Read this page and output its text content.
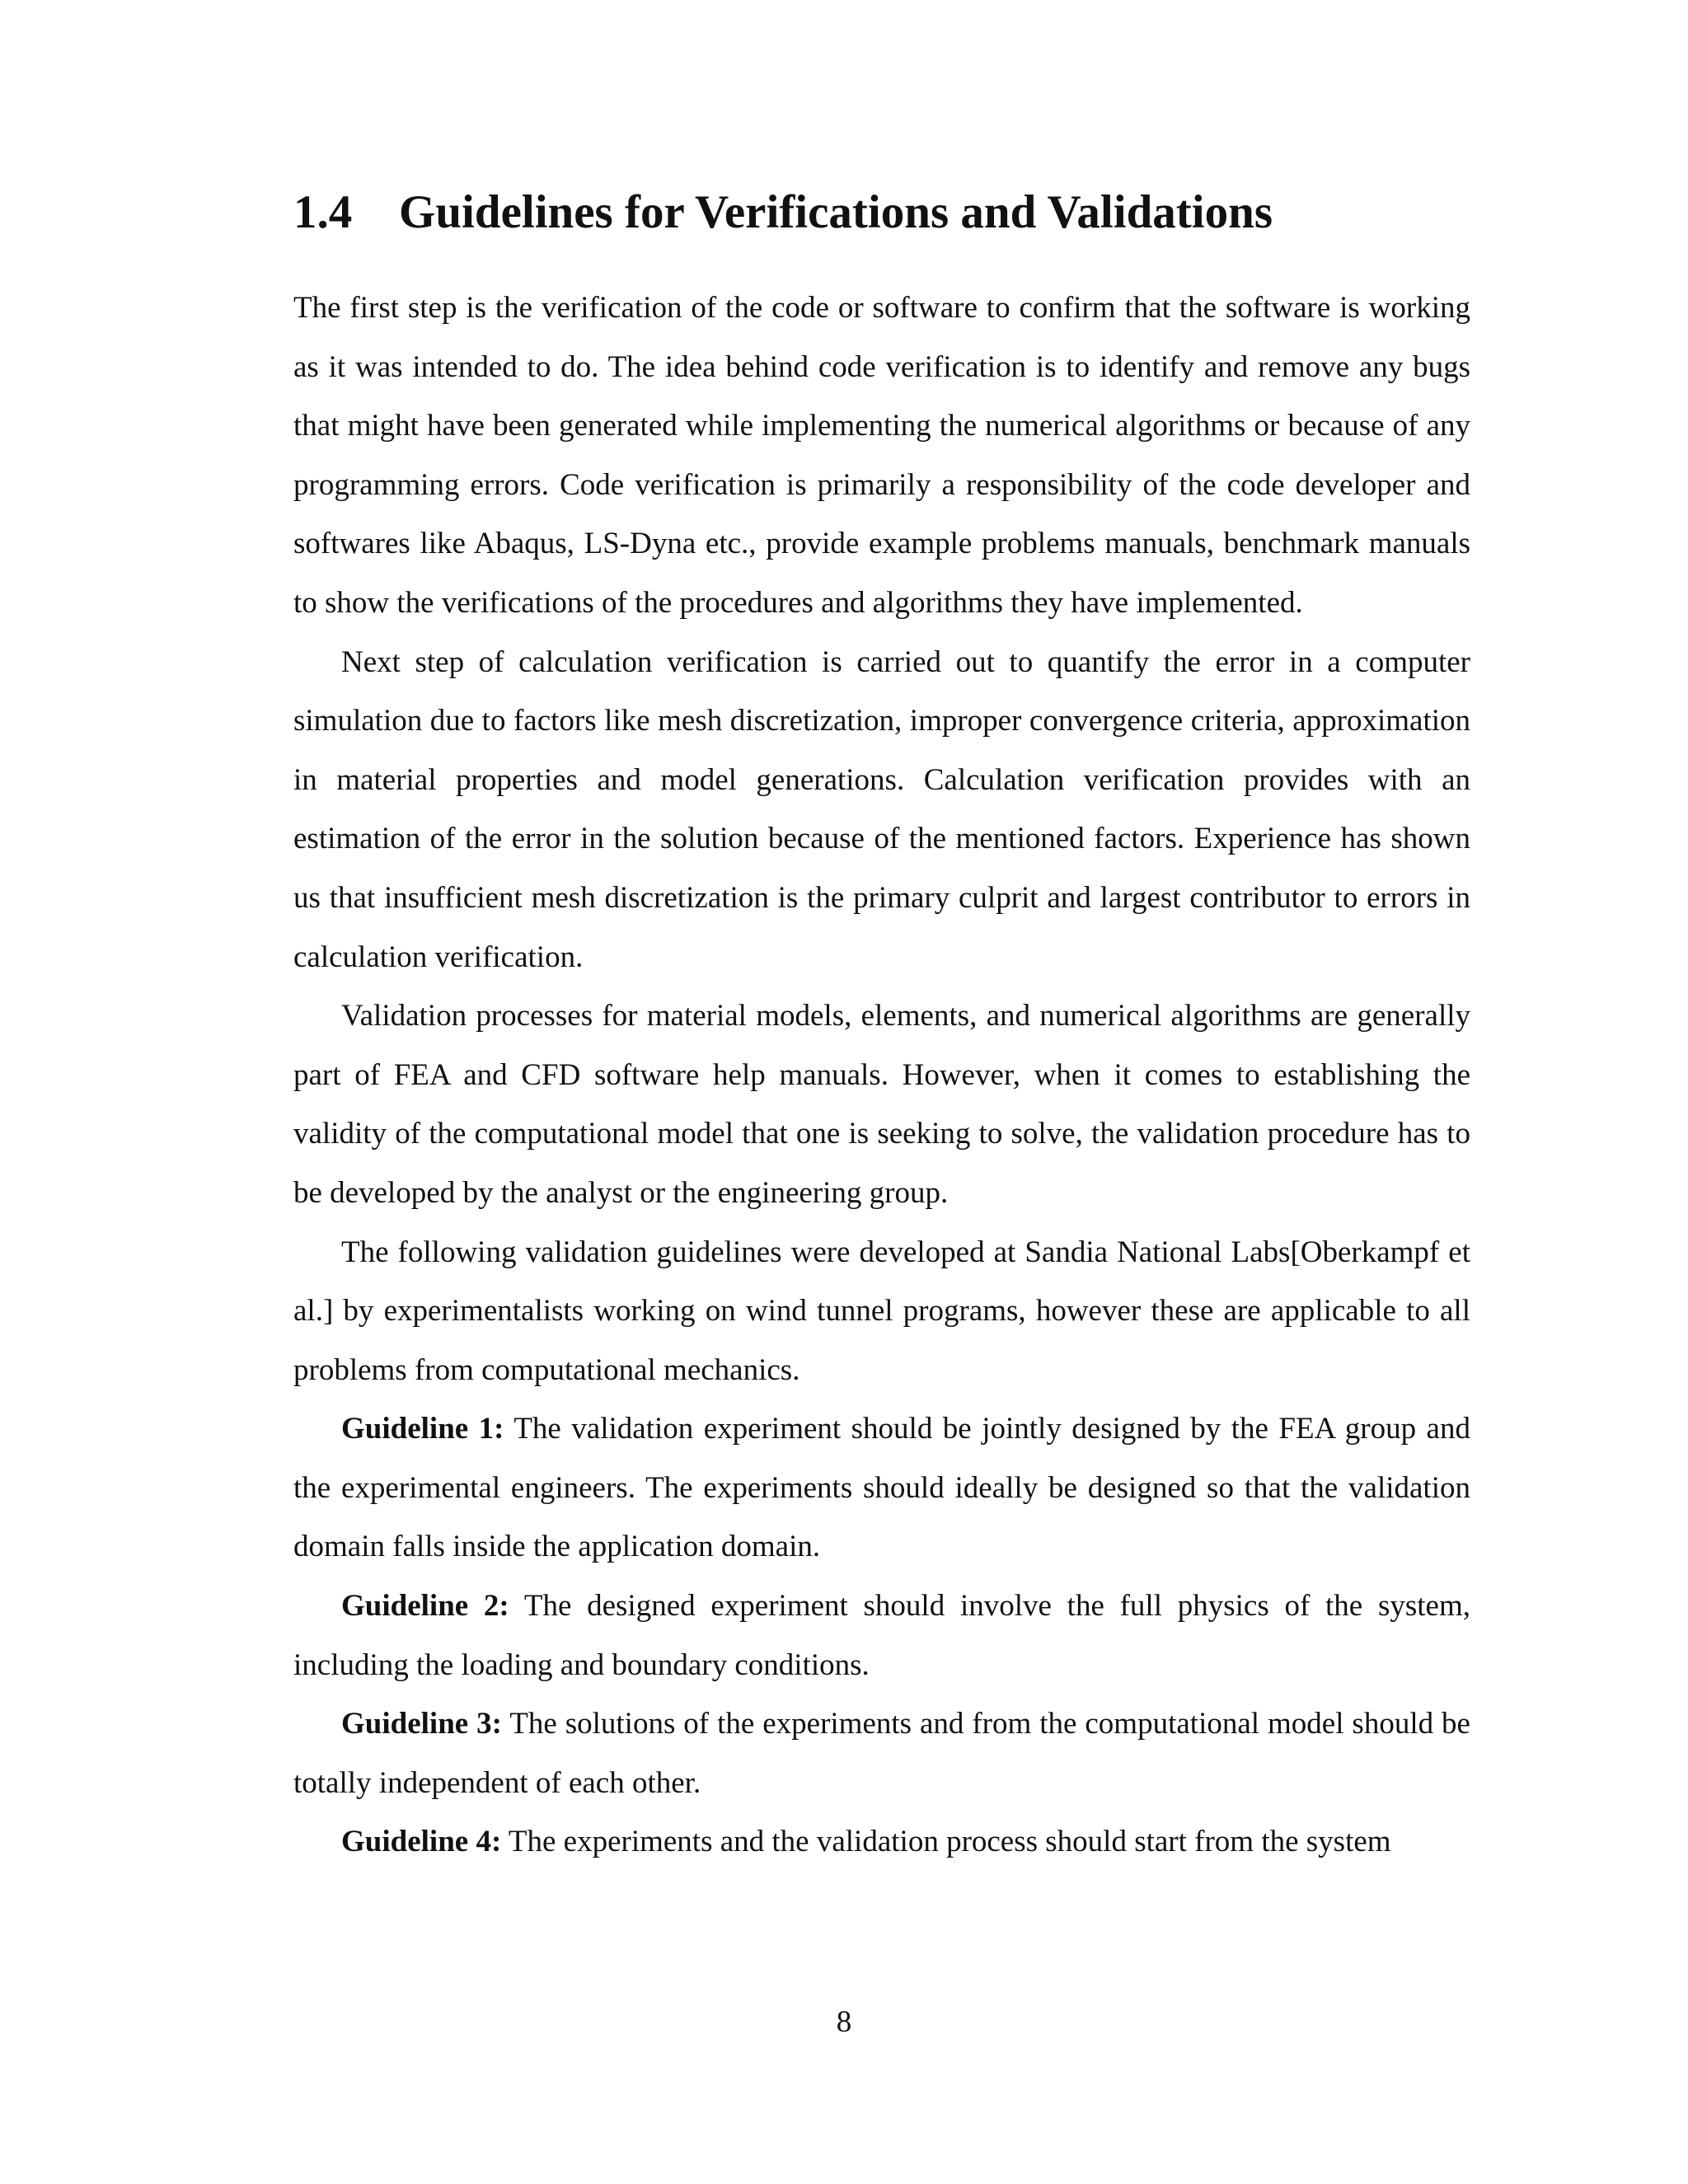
1.4 Guidelines for Verifications and Validations

The first step is the verification of the code or software to confirm that the software is working as it was intended to do. The idea behind code verification is to identify and remove any bugs that might have been generated while implementing the numerical algorithms or because of any programming errors. Code verification is primarily a responsibility of the code developer and softwares like Abaqus, LS-Dyna etc., provide example problems manuals, benchmark manuals to show the verifications of the procedures and algorithms they have implemented.

Next step of calculation verification is carried out to quantify the error in a computer simulation due to factors like mesh discretization, improper convergence criteria, approximation in material properties and model generations. Calculation verification provides with an estimation of the error in the solution because of the mentioned factors. Experience has shown us that insufficient mesh discretization is the primary culprit and largest contributor to errors in calculation verification.

Validation processes for material models, elements, and numerical algorithms are generally part of FEA and CFD software help manuals. However, when it comes to establishing the validity of the computational model that one is seeking to solve, the validation procedure has to be developed by the analyst or the engineering group.

The following validation guidelines were developed at Sandia National Labs[Oberkampf et al.] by experimentalists working on wind tunnel programs, however these are applicable to all problems from computational mechanics.

Guideline 1: The validation experiment should be jointly designed by the FEA group and the experimental engineers. The experiments should ideally be designed so that the validation domain falls inside the application domain.

Guideline 2: The designed experiment should involve the full physics of the system, including the loading and boundary conditions.

Guideline 3: The solutions of the experiments and from the computational model should be totally independent of each other.

Guideline 4: The experiments and the validation process should start from the system

8
